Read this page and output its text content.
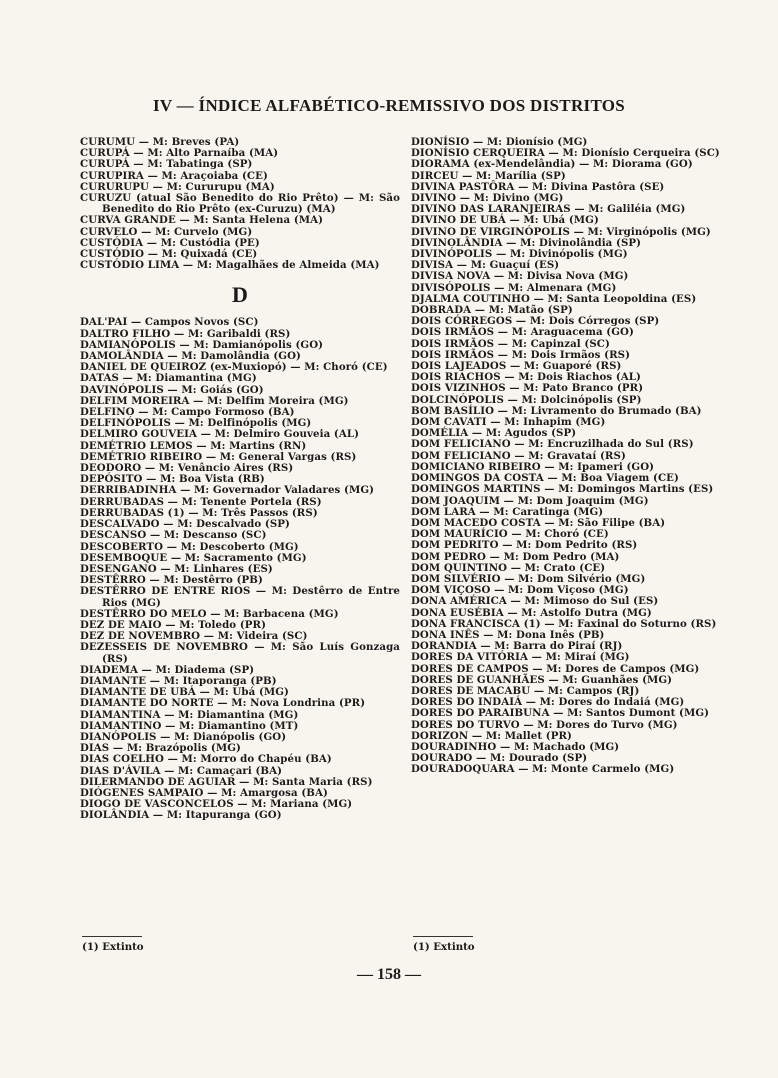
IV — ÍNDICE ALFABÉTICO-REMISSIVO DOS DISTRITOS
CURUMU — M: Breves (PA)
CURUPÁ — M: Alto Parnaíba (MA)
CURUPÁ — M: Tabatinga (SP)
CURUPIRA — M: Araçoiaba (CE)
CURURUPU — M: Cururupu (MA)
CURUZU (atual São Benedito do Rio Prêto) — M: São Benedito do Rio Prêto (ex-Curuzu) (MA)
CURVA GRANDE — M: Santa Helena (MA)
CURVELO — M: Curvelo (MG)
CUSTÓDIA — M: Custódia (PE)
CUSTÓDIO — M: Quixadá (CE)
CUSTÓDIO LIMA — M: Magalhães de Almeida (MA)
D
DAL'PAI — Campos Novos (SC)
DALTRO FILHO — M: Garibaldi (RS)
DAMIANÓPOLIS — M: Damianópolis (GO)
DAMOLÂNDIA — M: Damolândia (GO)
DANIEL DE QUEIROZ (ex-Muxiopó) — M: Choró (CE)
DATAS — M: Diamantina (MG)
DAVINÓPOLIS — M: Goiás (GO)
DELFIM MOREIRA — M: Delfim Moreira (MG)
DELFINO — M: Campo Formoso (BA)
DELFINÓPOLIS — M: Delfinópolis (MG)
DELMIRO GOUVEIA — M: Delmiro Gouveia (AL)
DEMÉTRIO LEMOS — M: Martins (RN)
DEMÉTRIO RIBEIRO — M: General Vargas (RS)
DEODORO — M: Venâncio Aires (RS)
DEPÓSITO — M: Boa Vista (RB)
DERRIBADINHA — M: Governador Valadares (MG)
DERRUBADAS — M: Tenente Portela (RS)
DERRUBADAS (1) — M: Três Passos (RS)
DESCALVADO — M: Descalvado (SP)
DESCANSO — M: Descanso (SC)
DESCOBERTO — M: Descoberto (MG)
DESEMBOQUE — M: Sacramento (MG)
DESENGANO — M: Linhares (ES)
DESTÊRRO — M: Destêrro (PB)
DESTÊRRO DE ENTRE RIOS — M: Destêrro de Entre Rios (MG)
DESTÊRRO DO MELO — M: Barbacena (MG)
DEZ DE MAIO — M: Toledo (PR)
DEZ DE NOVEMBRO — M: Videira (SC)
DEZESSEIS DE NOVEMBRO — M: São Luís Gonzaga (RS)
DIADEMA — M: Diadema (SP)
DIAMANTE — M: Itaporanga (PB)
DIAMANTE DE UBÁ — M: Ubá (MG)
DIAMANTE DO NORTE — M: Nova Londrina (PR)
DIAMANTINA — M: Diamantina (MG)
DIAMANTINO — M: Diamantino (MT)
DIANÓPOLIS — M: Dianópolis (GO)
DIAS — M: Brazópolis (MG)
DIAS COELHO — M: Morro do Chapéu (BA)
DIAS D'ÁVILA — M: Camaçari (BA)
DILERMANDO DE AGUIAR — M: Santa Maria (RS)
DIÓGENES SAMPAIO — M: Amargosa (BA)
DIOGO DE VASCONCELOS — M: Mariana (MG)
DIOLÂNDIA — M: Itapuranga (GO)
DIONÍSIO — M: Dionísio (MG)
DIONÍSIO CERQUEIRA — M: Dionísio Cerqueira (SC)
DIORAMA (ex-Mendelândia) — M: Diorama (GO)
DIRCEU — M: Marília (SP)
DIVINA PASTÔRA — M: Divina Pastôra (SE)
DIVINO — M: Divino (MG)
DIVINO DAS LARANJEIRAS — M: Galiléia (MG)
DIVINO DE UBÁ — M: Ubá (MG)
DIVINO DE VIRGINÓPOLIS — M: Virginópolis (MG)
DIVINOLÂNDIA — M: Divinolândia (SP)
DIVINÓPOLIS — M: Divinópolis (MG)
DIVISA — M: Guaçuí (ES)
DIVISA NOVA — M: Divisa Nova (MG)
DIVISÓPOLIS — M: Almenara (MG)
DJALMA COUTINHO — M: Santa Leopoldina (ES)
DOBRADA — M: Matão (SP)
DOIS CÓRREGOS — M: Dois Córregos (SP)
DOIS IRMÃOS — M: Araguacema (GO)
DOIS IRMÃOS — M: Capinzal (SC)
DOIS IRMÃOS — M: Dois Irmãos (RS)
DOIS LAJEADOS — M: Guaporé (RS)
DOIS RIACHOS — M: Dois Riachos (AL)
DOIS VIZINHOS — M: Pato Branco (PR)
DOLCINÓPOLIS — M: Dolcinópolis (SP)
BOM BASÍLIO — M: Livramento do Brumado (BA)
DOM CAVATI — M: Inhapim (MG)
DOMÉLIA — M: Agudos (SP)
DOM FELICIANO — M: Encruzilhada do Sul (RS)
DOM FELICIANO — M: Gravataí (RS)
DOMICIANO RIBEIRO — M: Ipameri (GO)
DOMINGOS DA COSTA — M: Boa Viagem (CE)
DOMINGOS MARTINS — M: Domingos Martins (ES)
DOM JOAQUIM — M: Dom Joaquim (MG)
DOM LARA — M: Caratinga (MG)
DOM MACEDO COSTA — M: São Filipe (BA)
DOM MAURÍCIO — M: Choró (CE)
DOM PEDRITO — M: Dom Pedrito (RS)
DOM PEDRO — M: Dom Pedro (MA)
DOM QUINTINO — M: Crato (CE)
DOM SILVÉRIO — M: Dom Silvério (MG)
DOM VIÇOSO — M: Dom Viçoso (MG)
DONA AMÉRICA — M: Mimoso do Sul (ES)
DONA EUSÉBIA — M: Astolfo Dutra (MG)
DONA FRANCISCA (1) — M: Faxinal do Soturno (RS)
DONA INÊS — M: Dona Inês (PB)
DORANDIA — M: Barra do Piraí (RJ)
DORES DA VITÓRIA — M: Miraí (MG)
DORES DE CAMPOS — M: Dores de Campos (MG)
DORES DE GUANHÃES — M: Guanhães (MG)
DORES DE MACABU — M: Campos (RJ)
DORES DO INDAIÁ — M: Dores do Indaiá (MG)
DORES DO PARAIBUNA — M: Santos Dumont (MG)
DORES DO TURVO — M: Dores do Turvo (MG)
DORIZON — M: Mallet (PR)
DOURADINHO — M: Machado (MG)
DOURADO — M: Dourado (SP)
DOURADOQUARA — M: Monte Carmelo (MG)
(1) Extinto	(1) Extinto
— 158 —
